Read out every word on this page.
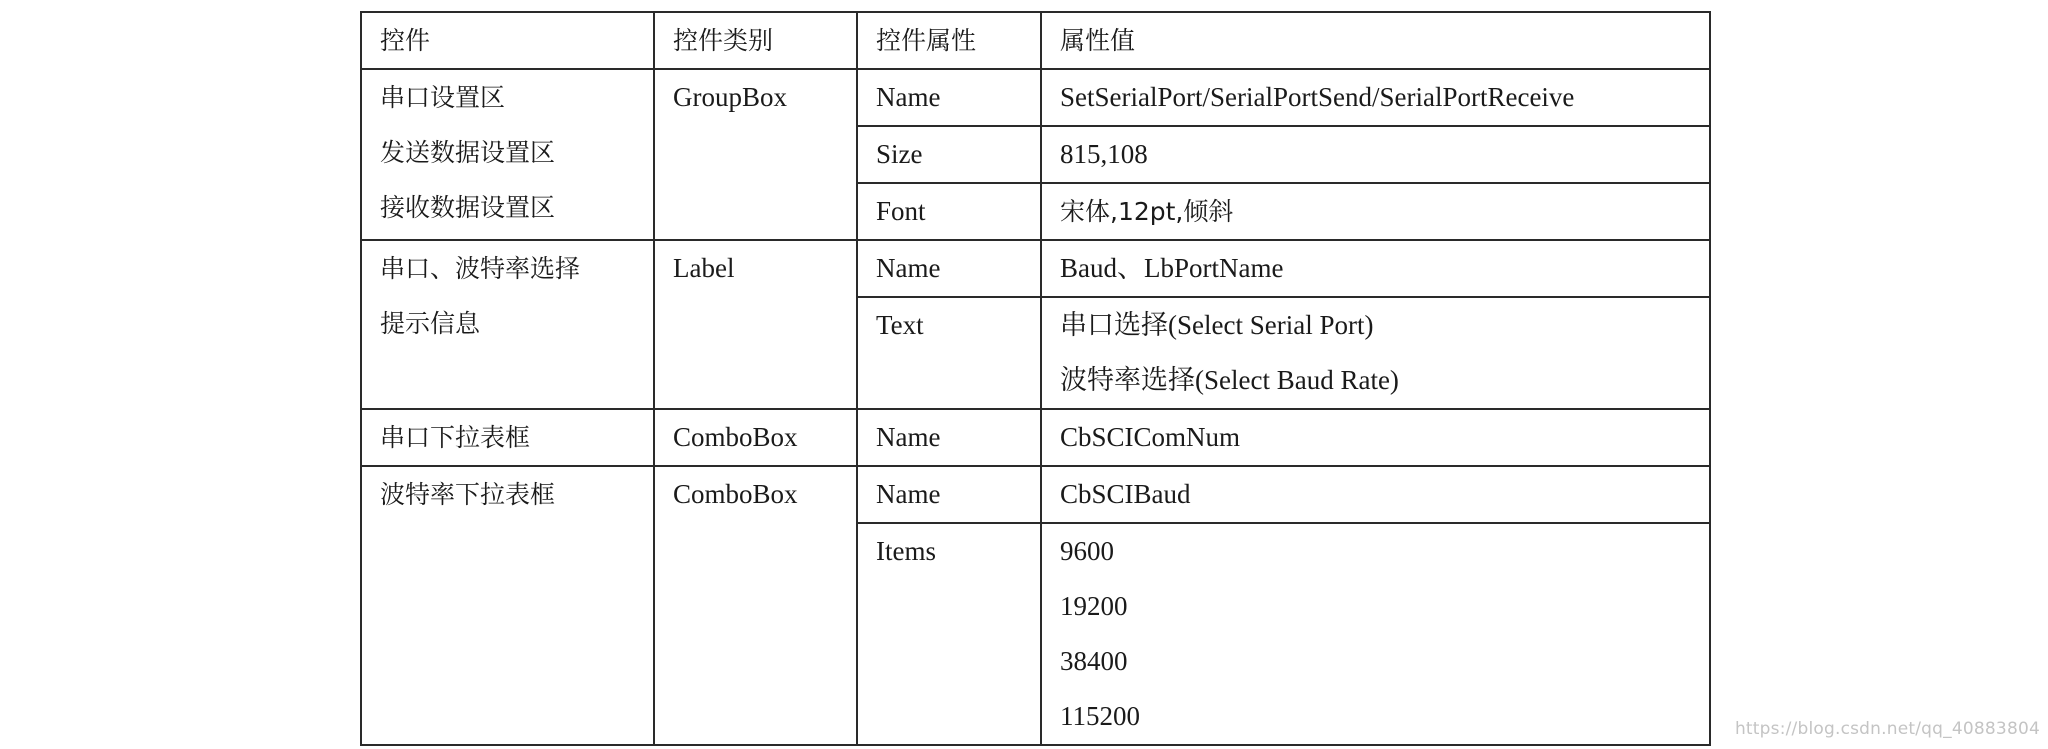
控件	控件类别	控件属性	属性值

串口设置区
发送数据设置区
接收数据设置区	GroupBox	Name	SetSerialPort/SerialPortSend/SerialPortReceive
		Size	815,108
		Font	宋体,12pt,倾斜

串口、波特率选择
提示信息	Label	Name	Baud、LbPortName
		Text	串口选择(Select Serial Port)
波特率选择(Select Baud Rate)

串口下拉表框	ComboBox	Name	CbSCIComNum
波特率下拉表框	ComboBox	Name	CbSCIBaud
		Items	9600
19200
38400
115200	https://blog.csdn.net/qq_40883804
